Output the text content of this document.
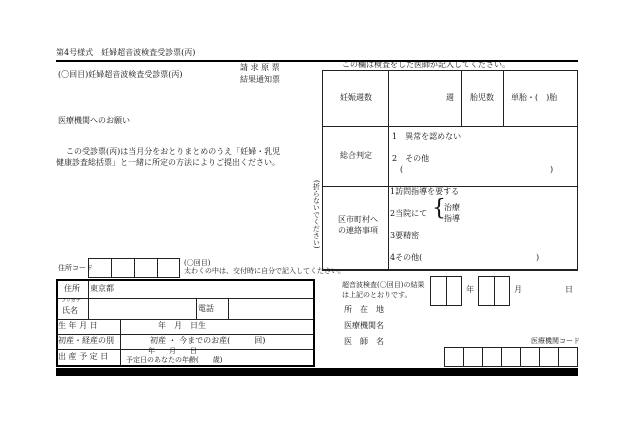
第4号様式　妊婦超音波検査受診票(丙)
(〇回目)妊婦超音波検査受診票(丙)
請 求 原 票
結果通知票
医療機関へのお願い
この受診票(丙)は当月分をおとりまとめのうえ「妊婦・乳児
健康診査総括票」と一緒に所定の方法によりご提出ください。
(折らないでください)
住所コード
(〇回目)
太わくの中は、交付時に自分で記入してください。
住所 東京都
フリガナ
氏名	電話
生 年 月 日	年　月　日生
初産・経産の別	初産 ・ 今までのお産(　　　回)
出 産 予 定 日
年　　月　　日
予定日のあなたの年齢(　　歳)
この欄は検査をした医師が記入してください。
妊娠週数	週 胎児数 単胎・(　)胎
総合判定
1　異常を認めない
2　その他
(	)
区市町村へ
の連絡事項
1訪問指導を要する
2当院にて {
治療
指導
3要精密
4その他(	)
超音波検査(〇回目)の結果
は上記のとおりです。
年	月	日
所　在　地
医療機関名
医　師　名	医療機関コード
